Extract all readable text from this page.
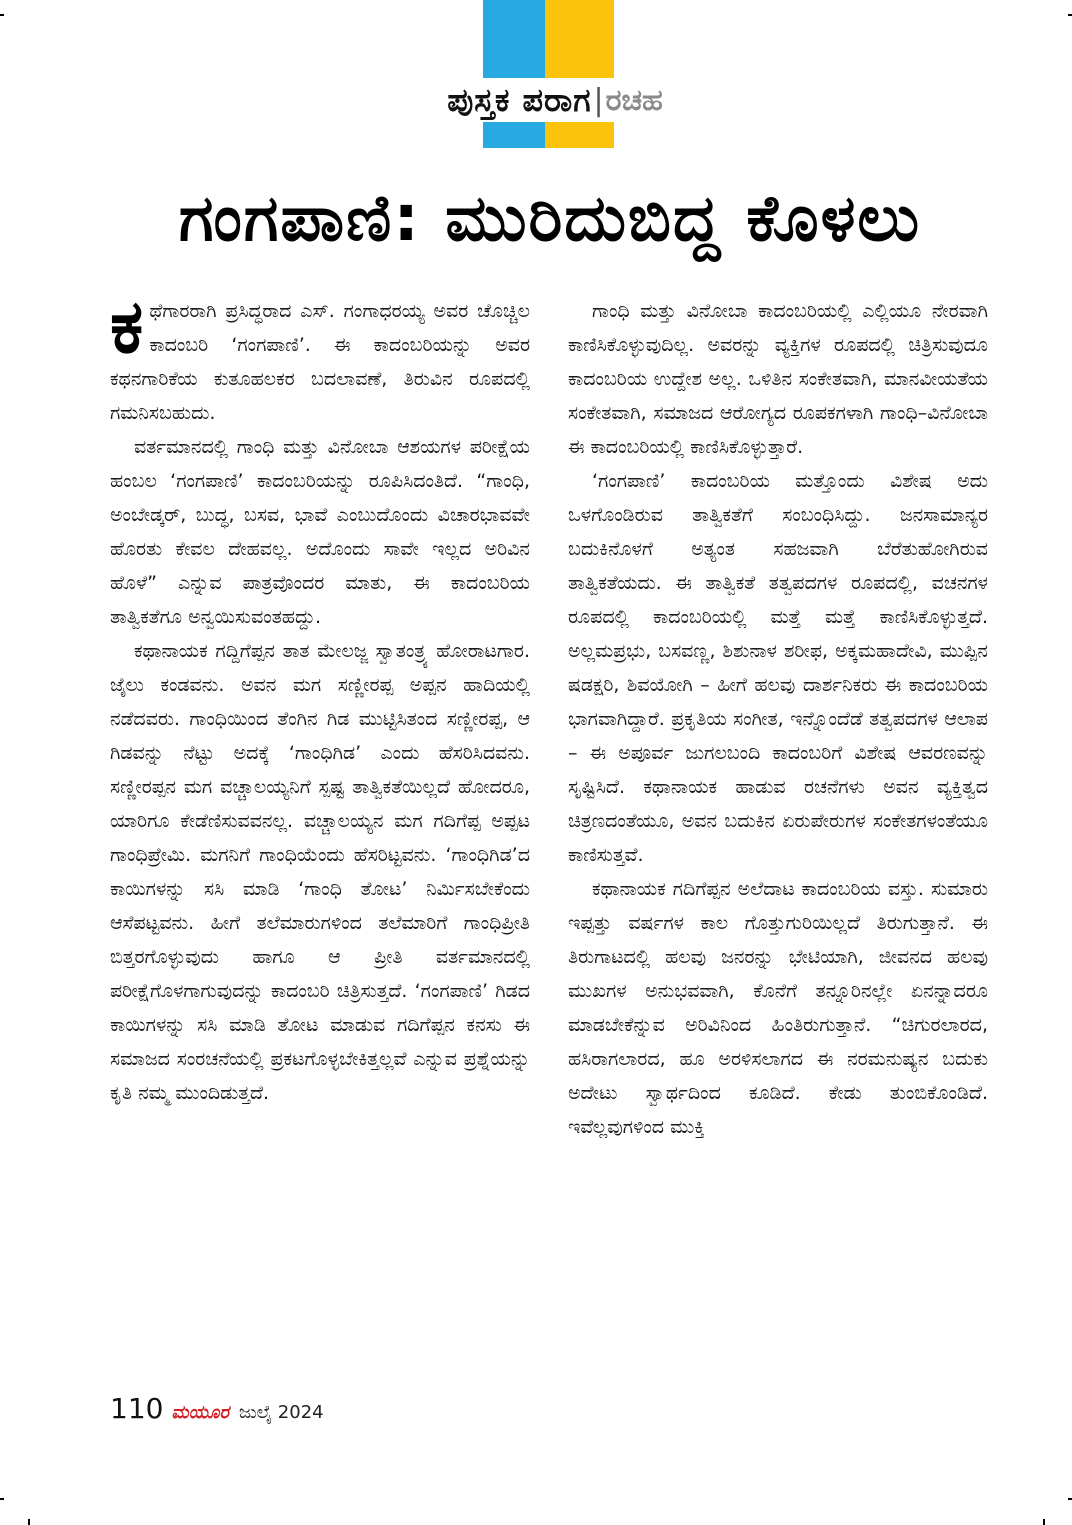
ಪುಸ್ತಕ ಪರಾಗ | ರಚಹ
ಗಂಗಪಾಣಿ: ಮುರಿದುಬಿದ್ದ ಕೊಳಲು

ಕಥೆಗಾರರಾಗಿ ಪ್ರಸಿದ್ಧರಾದ ಎಸ್. ಗಂಗಾಧರಯ್ಯ ಅವರ ಚೊಚ್ಚಿಲ ಕಾದಂಬರಿ ‘ಗಂಗಪಾಣಿ’. ಈ ಕಾದಂಬರಿಯನ್ನು ಅವರ ಕಥನಗಾರಿಕೆಯ ಕುತೂಹಲಕರ ಬದಲಾವಣೆ, ತಿರುವಿನ ರೂಪದಲ್ಲಿ ಗಮನಿಸಬಹುದು.

ವರ್ತಮಾನದಲ್ಲಿ ಗಾಂಧಿ ಮತ್ತು ವಿನೋಬಾ ಆಶಯಗಳ ಪರೀಕ್ಷೆಯ ಹಂಬಲ ‘ಗಂಗಪಾಣಿ’ ಕಾದಂಬರಿಯನ್ನು ರೂಪಿಸಿದಂತಿದೆ. “ಗಾಂಧಿ, ಅಂಬೇಡ್ಕರ್, ಬುದ್ಧ, ಬಸವ, ಭಾವೆ ಎಂಬುದೊಂದು ವಿಚಾರಭಾವವೇ ಹೊರತು ಕೇವಲ ದೇಹವಲ್ಲ. ಅದೊಂದು ಸಾವೇ ಇಲ್ಲದ ಅರಿವಿನ ಹೊಳೆ” ಎನ್ನುವ ಪಾತ್ರವೊಂದರ ಮಾತು, ಈ ಕಾದಂಬರಿಯ ತಾತ್ವಿಕತೆಗೂ ಅನ್ವಯಿಸುವಂತಹದ್ದು.

ಕಥಾನಾಯಕ ಗದ್ದಿಗೆಪ್ಪನ ತಾತ ಮೇಲಜ್ಜ ಸ್ವಾತಂತ್ರ್ಯ ಹೋರಾಟಗಾರ. ಜೈಲು ಕಂಡವನು. ಅವನ ಮಗ ಸಣ್ಣೀರಪ್ಪ ಅಪ್ಪನ ಹಾದಿಯಲ್ಲಿ ನಡೆದವರು. ಗಾಂಧಿಯಿಂದ ತೆಂಗಿನ ಗಿಡ ಮುಟ್ಟಿಸಿತಂದ ಸಣ್ಣೀರಪ್ಪ, ಆ ಗಿಡವನ್ನು ನೆಟ್ಟು ಅದಕ್ಕೆ ‘ಗಾಂಧಿಗಿಡ’ ಎಂದು ಹೆಸರಿಸಿದವನು. ಸಣ್ಣೀರಪ್ಪನ ಮಗ ವಚ್ಚಾಲಯ್ಯನಿಗೆ ಸ್ಪಷ್ಟ ತಾತ್ವಿಕತೆಯಿಲ್ಲದೆ ಹೋದರೂ, ಯಾರಿಗೂ ಕೇಡೆಣಿಸುವವನಲ್ಲ. ವಚ್ಚಾಲಯ್ಯನ ಮಗ ಗದಿಗೆಪ್ಪ ಅಪ್ಪಟ ಗಾಂಧಿಪ್ರೇಮಿ. ಮಗನಿಗೆ ಗಾಂಧಿಯೆಂದು ಹೆಸರಿಟ್ಟವನು. ‘ಗಾಂಧಿಗಿಡ’ದ ಕಾಯಿಗಳನ್ನು ಸಸಿ ಮಾಡಿ ‘ಗಾಂಧಿ ತೋಟ’ ನಿರ್ಮಿಸಬೇಕೆಂದು ಆಸೆಪಟ್ಟವನು. ಹೀಗೆ ತಲೆಮಾರುಗಳಿಂದ ತಲೆಮಾರಿಗೆ ಗಾಂಧಿಪ್ರೀತಿ ಬಿತ್ತರಗೊಳ್ಳುವುದು ಹಾಗೂ ಆ ಪ್ರೀತಿ ವರ್ತಮಾನದಲ್ಲಿ ಪರೀಕ್ಷೆಗೊಳಗಾಗುವುದನ್ನು ಕಾದಂಬರಿ ಚಿತ್ರಿಸುತ್ತದೆ. ‘ಗಂಗಪಾಣಿ’ ಗಿಡದ ಕಾಯಿಗಳನ್ನು ಸಸಿ ಮಾಡಿ ತೋಟ ಮಾಡುವ ಗದಿಗೆಪ್ಪನ ಕನಸು ಈ ಸಮಾಜದ ಸಂರಚನೆಯಲ್ಲಿ ಪ್ರಕಟಗೊಳ್ಳಬೇಕಿತ್ತಲ್ಲವೆ ಎನ್ನುವ ಪ್ರಶ್ನೆಯನ್ನು ಕೃತಿ ನಮ್ಮ ಮುಂದಿಡುತ್ತದೆ.

ಗಾಂಧಿ ಮತ್ತು ವಿನೋಬಾ ಕಾದಂಬರಿಯಲ್ಲಿ ಎಲ್ಲಿಯೂ ನೇರವಾಗಿ ಕಾಣಿಸಿಕೊಳ್ಳುವುದಿಲ್ಲ. ಅವರನ್ನು ವ್ಯಕ್ತಿಗಳ ರೂಪದಲ್ಲಿ ಚಿತ್ರಿಸುವುದೂ ಕಾದಂಬರಿಯ ಉದ್ದೇಶ ಅಲ್ಲ. ಒಳಿತಿನ ಸಂಕೇತವಾಗಿ, ಮಾನವೀಯತೆಯ ಸಂಕೇತವಾಗಿ, ಸಮಾಜದ ಆರೋಗ್ಯದ ರೂಪಕಗಳಾಗಿ ಗಾಂಧಿ–ವಿನೋಬಾ ಈ ಕಾದಂಬರಿಯಲ್ಲಿ ಕಾಣಿಸಿಕೊಳ್ಳುತ್ತಾರೆ.

‘ಗಂಗಪಾಣಿ’ ಕಾದಂಬರಿಯ ಮತ್ತೊಂದು ವಿಶೇಷ ಅದು ಒಳಗೊಂಡಿರುವ ತಾತ್ವಿಕತೆಗೆ ಸಂಬಂಧಿಸಿದ್ದು. ಜನಸಾಮಾನ್ಯರ ಬದುಕಿನೊಳಗೆ ಅತ್ಯಂತ ಸಹಜವಾಗಿ ಬೆರೆತುಹೋಗಿರುವ ತಾತ್ವಿಕತೆಯದು. ಈ ತಾತ್ವಿಕತೆ ತತ್ವಪದಗಳ ರೂಪದಲ್ಲಿ, ವಚನಗಳ ರೂಪದಲ್ಲಿ ಕಾದಂಬರಿಯಲ್ಲಿ ಮತ್ತೆ ಮತ್ತೆ ಕಾಣಿಸಿಕೊಳ್ಳುತ್ತದೆ. ಅಲ್ಲಮಪ್ರಭು, ಬಸವಣ್ಣ, ಶಿಶುನಾಳ ಶರೀಫ, ಅಕ್ಕಮಹಾದೇವಿ, ಮುಪ್ಪಿನ ಷಡಕ್ಷರಿ, ಶಿವಯೋಗಿ – ಹೀಗೆ ಹಲವು ದಾರ್ಶನಿಕರು ಈ ಕಾದಂಬರಿಯ ಭಾಗವಾಗಿದ್ದಾರೆ. ಪ್ರಕೃತಿಯ ಸಂಗೀತ, ಇನ್ನೊಂದೆಡೆ ತತ್ವಪದಗಳ ಆಲಾಪ – ಈ ಅಪೂರ್ವ ಜುಗಲಬಂದಿ ಕಾದಂಬರಿಗೆ ವಿಶೇಷ ಆವರಣವನ್ನು ಸೃಷ್ಟಿಸಿದೆ. ಕಥಾನಾಯಕ ಹಾಡುವ ರಚನೆಗಳು ಅವನ ವ್ಯಕ್ತಿತ್ವದ ಚಿತ್ರಣದಂತೆಯೂ, ಅವನ ಬದುಕಿನ ಏರುಪೇರುಗಳ ಸಂಕೇತಗಳಂತೆಯೂ ಕಾಣಿಸುತ್ತವೆ.

ಕಥಾನಾಯಕ ಗದಿಗೆಪ್ಪನ ಅಲೆದಾಟ ಕಾದಂಬರಿಯ ವಸ್ತು. ಸುಮಾರು ಇಪ್ಪತ್ತು ವರ್ಷಗಳ ಕಾಲ ಗೊತ್ತುಗುರಿಯಿಲ್ಲದೆ ತಿರುಗುತ್ತಾನೆ. ಈ ತಿರುಗಾಟದಲ್ಲಿ ಹಲವು ಜನರನ್ನು ಭೇಟಿಯಾಗಿ, ಜೀವನದ ಹಲವು ಮುಖಗಳ ಅನುಭವವಾಗಿ, ಕೊನೆಗೆ ತನ್ನೂರಿನಲ್ಲೇ ಏನನ್ನಾದರೂ ಮಾಡಬೇಕೆನ್ನುವ ಅರಿವಿನಿಂದ ಹಿಂತಿರುಗುತ್ತಾನೆ. “ಚಿಗುರಲಾರದ, ಹಸಿರಾಗಲಾರದ, ಹೂ ಅರಳಿಸಲಾಗದ ಈ ನರಮನುಷ್ಯನ ಬದುಕು ಅದೇಟು ಸ್ವಾರ್ಥದಿಂದ ಕೂಡಿದೆ. ಕೇಡು ತುಂಬಿಕೊಂಡಿದೆ. ಇವೆಲ್ಲವುಗಳಿಂದ ಮುಕ್ತಿ

110 ಮಯೂರ ಜುಲೈ 2024
